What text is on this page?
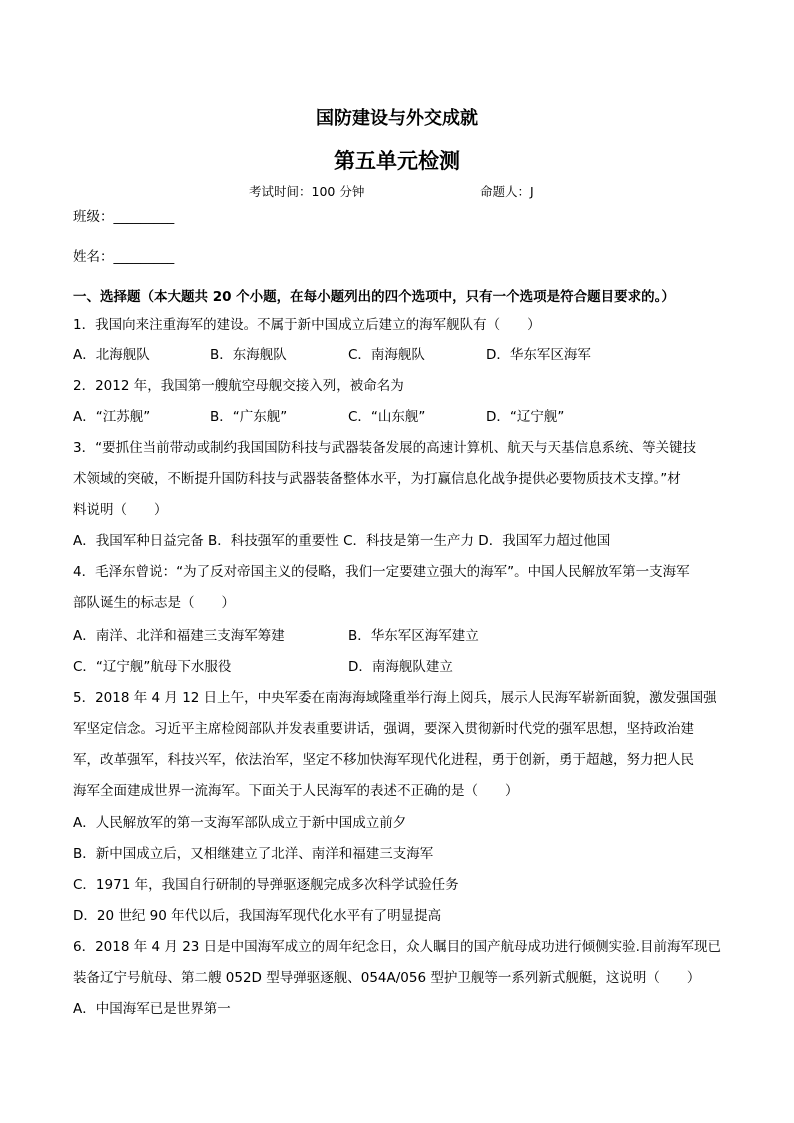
国防建设与外交成就
第五单元检测
考试时间：100 分钟	命题人：J
班级：_________
姓名：_________
一、选择题（本大题共 20 个小题，在每小题列出的四个选项中，只有一个选项是符合题目要求的。）
1．我国向来注重海军的建设。不属于新中国成立后建立的海军舰队有（　　）
A．北海舰队	B．东海舰队	C．南海舰队	D．华东军区海军
2．2012 年，我国第一艘航空母舰交接入列，被命名为
A．“江苏舰”	B．“广东舰”	C．“山东舰”	D．“辽宁舰”
3．“要抓住当前带动或制约我国国防科技与武器装备发展的高速计算机、航天与天基信息系统、等关键技
术领域的突破，不断提升国防科技与武器装备整体水平，为打赢信息化战争提供必要物质技术支撑。”材
料说明（　　）
A．我国军种日益完备 B．科技强军的重要性 C．科技是第一生产力 D．我国军力超过他国
4．毛泽东曾说：“为了反对帝国主义的侵略，我们一定要建立强大的海军”。中国人民解放军第一支海军
部队诞生的标志是（　　）
A．南洋、北洋和福建三支海军筹建	B．华东军区海军建立
C．“辽宁舰”航母下水服役	D．南海舰队建立
5．2018 年 4 月 12 日上午，中央军委在南海海域隆重举行海上阅兵，展示人民海军崭新面貌，激发强国强
军坚定信念。习近平主席检阅部队并发表重要讲话，强调，要深入贯彻新时代党的强军思想，坚持政治建
军，改革强军，科技兴军，依法治军，坚定不移加快海军现代化进程，勇于创新，勇于超越，努力把人民
海军全面建成世界一流海军。下面关于人民海军的表述不正确的是（　　）
A．人民解放军的第一支海军部队成立于新中国成立前夕
B．新中国成立后，又相继建立了北洋、南洋和福建三支海军
C．1971 年，我国自行研制的导弹驱逐舰完成多次科学试验任务
D．20 世纪 90 年代以后，我国海军现代化水平有了明显提高
6．2018 年 4 月 23 日是中国海军成立的周年纪念日，众人瞩目的国产航母成功进行倾侧实验.目前海军现已
装备辽宁号航母、第二艘 052D 型导弹驱逐舰、054A/056 型护卫舰等一系列新式舰艇，这说明（　　）
A．中国海军已是世界第一
